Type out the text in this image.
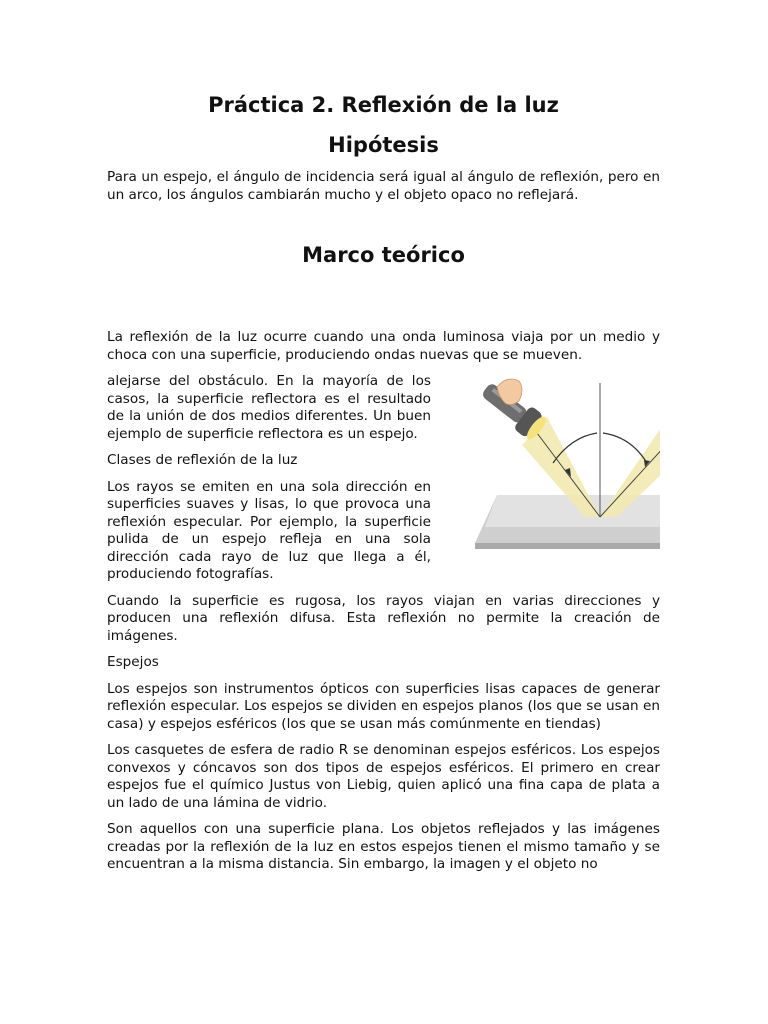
Práctica 2. Reflexión de la luz
Hipótesis

Para un espejo, el ángulo de incidencia será igual al ángulo de reflexión, pero en un arco, los ángulos cambiarán mucho y el objeto opaco no reflejará.

Marco teórico

La reflexión de la luz ocurre cuando una onda luminosa viaja por un medio y choca con una superficie, produciendo ondas nuevas que se mueven.

alejarse del obstáculo. En la mayoría de los casos, la superficie reflectora es el resultado de la unión de dos medios diferentes. Un buen ejemplo de superficie reflectora es un espejo.

Clases de reflexión de la luz

Los rayos se emiten en una sola dirección en superficies suaves y lisas, lo que provoca una reflexión especular. Por ejemplo, la superficie pulida de un espejo refleja en una sola dirección cada rayo de luz que llega a él, produciendo fotografías.

Cuando la superficie es rugosa, los rayos viajan en varias direcciones y producen una reflexión difusa. Esta reflexión no permite la creación de imágenes.

Espejos

Los espejos son instrumentos ópticos con superficies lisas capaces de generar reflexión especular. Los espejos se dividen en espejos planos (los que se usan en casa) y espejos esféricos (los que se usan más comúnmente en tiendas)

Los casquetes de esfera de radio R se denominan espejos esféricos. Los espejos convexos y cóncavos son dos tipos de espejos esféricos. El primero en crear espejos fue el químico Justus von Liebig, quien aplicó una fina capa de plata a un lado de una lámina de vidrio.

Son aquellos con una superficie plana. Los objetos reflejados y las imágenes creadas por la reflexión de la luz en estos espejos tienen el mismo tamaño y se encuentran a la misma distancia. Sin embargo, la imagen y el objeto no
